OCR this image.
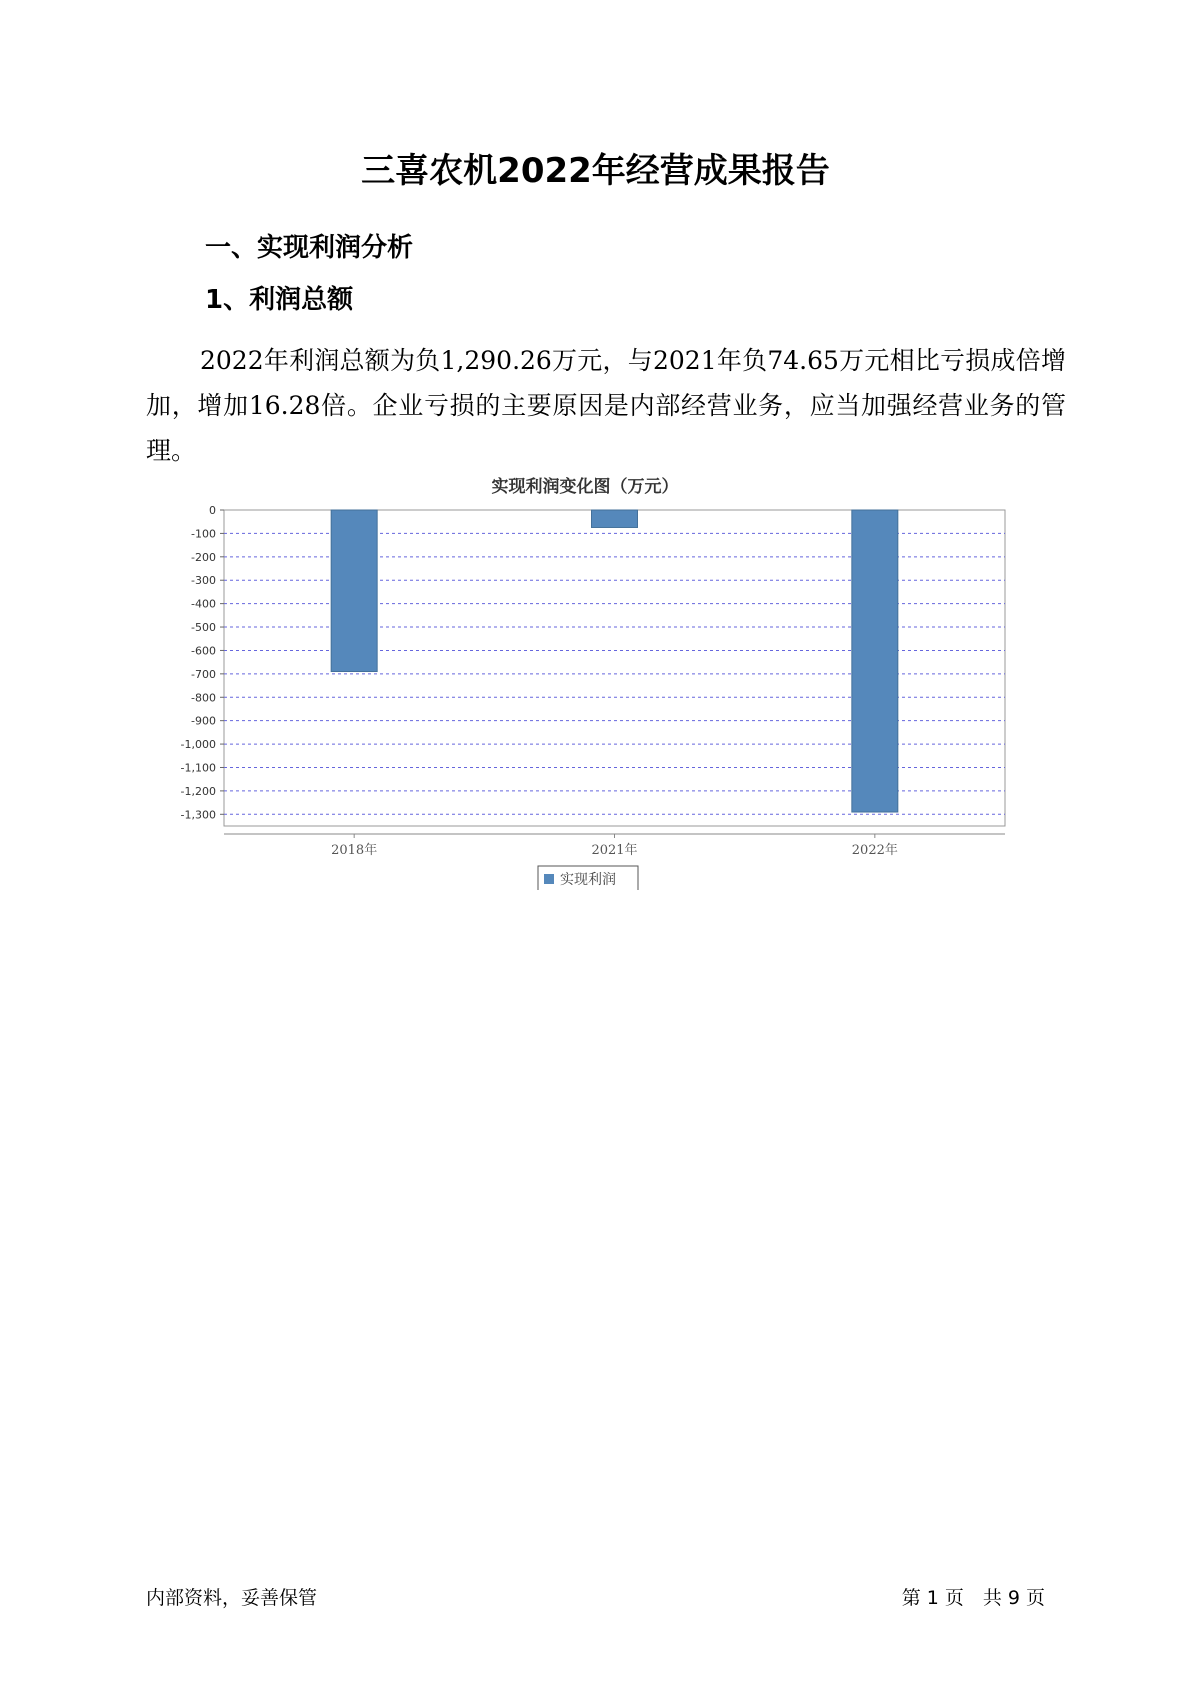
三喜农机2022年经营成果报告
一、实现利润分析
1、利润总额

2022年利润总额为负1,290.26万元，与2021年负74.65万元相比亏损成倍增加，增加16.28倍。企业亏损的主要原因是内部经营业务，应当加强经营业务的管理。

实现利润变化图（万元）
0
-100
-200
-300
-400
-500
-600
-700
-800
-900
-1,000
-1,100
-1,200
-1,300
2018年	2021年	2022年
实现利润
内部资料，妥善保管	第 1 页　共 9 页
